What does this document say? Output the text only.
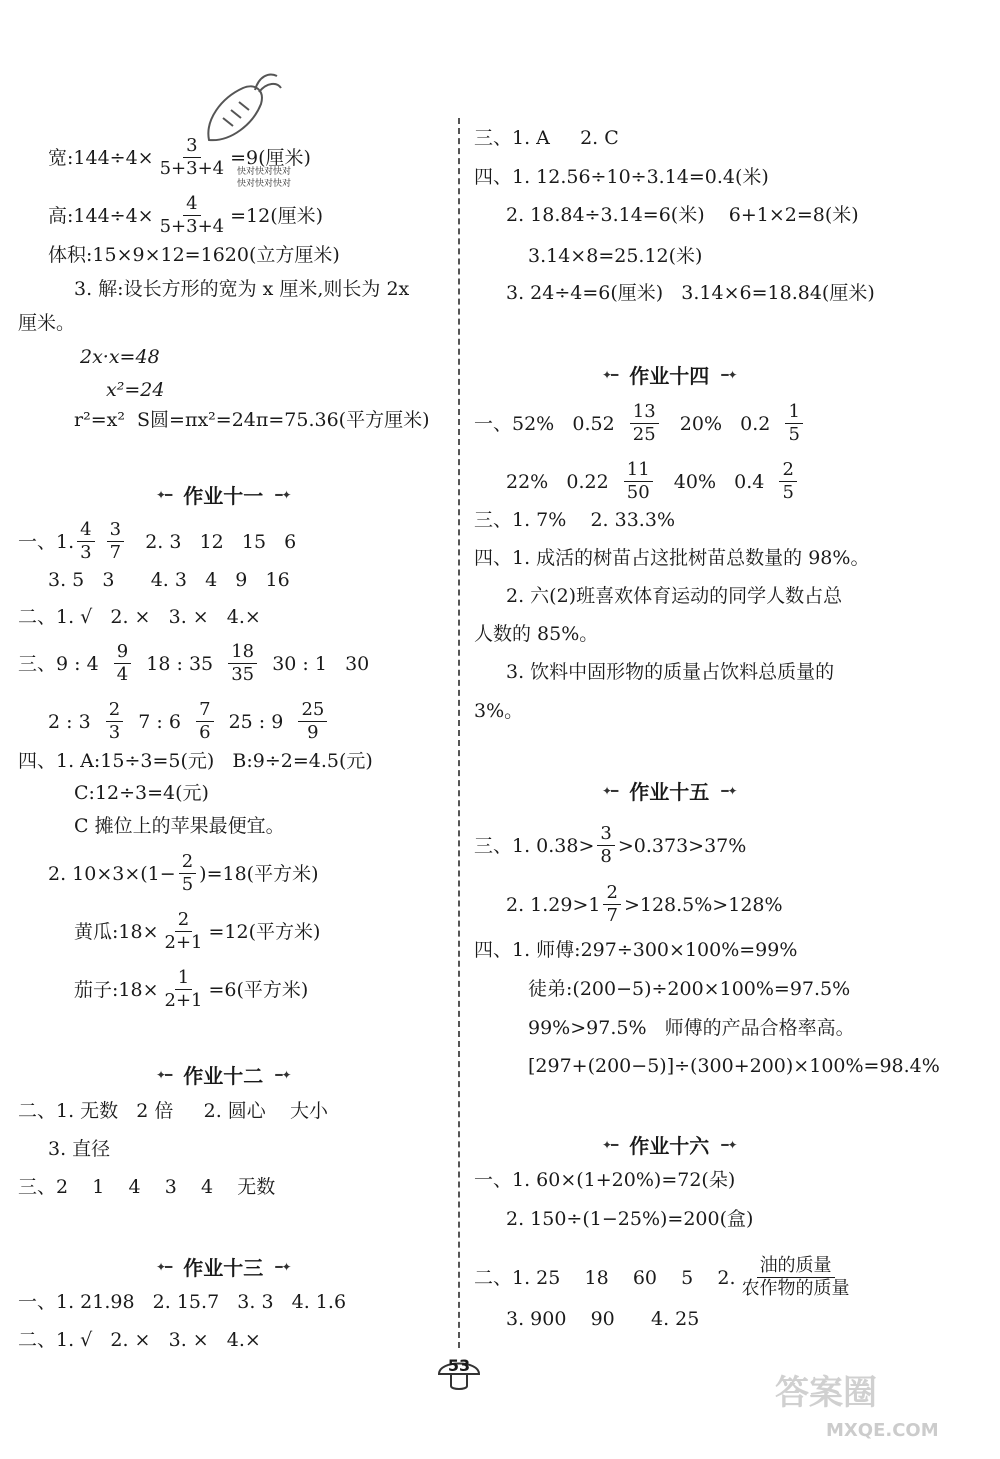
宽:144÷4× $\frac{3}{5+3+4} =9$(厘米)
快对快对快对
快对快对快对
高:144÷4× $\frac{4}{5+3+4} =12$(厘米)
体积:15×9×12=1620(立方厘米)
3. 解:设长方形的宽为 x 厘米,则长为 2x
厘米。
2x·x=48
x²=24
r²=x²  S圆=πx²=24π=75.36(平方厘米)
✦━ 作业十一 ━✦
一、1. $\frac{4}{3}$
$\frac{3}{7} 2$. 3   12   15   6
3. 5   3      4. 3   4   9   16
二、1. √   2. ×   3. ×   4.×
三、9 : 4
$\frac{9}{4} 18$ : 35
$\frac{18}{35} 30$ : 1   30
2 : 3
$\frac{2}{3} 7$ : 6
$\frac{7}{6} 25$ : 9
$\frac{25}{9}$
四、1. A:15÷3=5(元)   B:9÷2=4.5(元)
C:12÷3=4(元)
C 摊位上的苹果最便宜。
2. $10\times 3\times(1- \frac{2}{5} )=18$(平方米)
黄瓜:18× $\frac{2}{2+1} =12$(平方米)
茄子:18× $\frac{1}{2+1} =6$(平方米)
✦━ 作业十二 ━✦
二、1. 无数   2 倍     2. 圆心    大小
3. 直径
三、2    1    4    3    4    无数
✦━ 作业十三 ━✦
一、1. 21.98   2. 15.7   3. 3   4. 1.6
二、1. √   2. ×   3. ×   4.×
三、1. A     2. C
四、1. 12.56÷10÷3.14=0.4(米)
2. 18.84÷3.14=6(米)    6+1×2=8(米)
3.14×8=25.12(米)
3. 24÷4=6(厘米)   3.14×6=18.84(厘米)
✦━ 作业十四 ━✦
一、52%   0.52
$\frac{13}{25} 20\%$   0.2
$\frac{1}{5}$
22%   0.22
$\frac{11}{50} 40\%$   0.4
$\frac{2}{5}$
三、1. 7%    2. 33.3%
四、1. 成活的树苗占这批树苗总数量的 98%。
2. 六(2)班喜欢体育运动的同学人数占总
人数的 85%。
3. 饮料中固形物的质量占饮料总质量的
3%。
✦━ 作业十五 ━✦
三、1. $0.38> \frac{3}{8} >0.373>37\%$
2. $1.29>1 \frac{2}{7} >128.5\%>128\%$
四、1. 师傅:297÷300×100%=99%
徒弟:(200−5)÷200×100%=97.5%
99%>97.5%   师傅的产品合格率高。
[297+(200−5)]÷(300+200)×100%=98.4%
✦━ 作业十六 ━✦
一、1. 60×(1+20%)=72(朵)
2. 150÷(1−25%)=200(盒)
二、1. 25    18    60    5    2. $\frac{\text{油的质量}}{\text{农作物的质量}}$
3. 900    90      4. 25
53
答案圈
MXQE.COM
